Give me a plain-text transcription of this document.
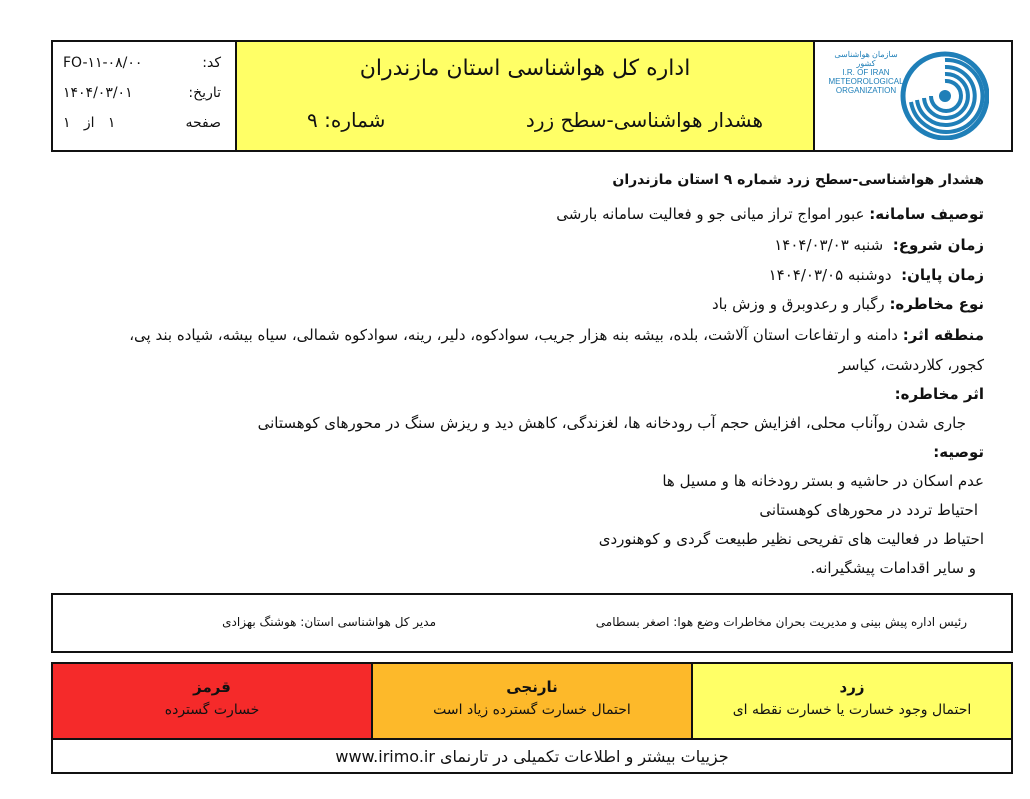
کد:
FO-۱۱-۰۸/۰۰
تاریخ:
۱۴۰۴/۰۳/۰۱
صفحه
۱   از   ۱
اداره کل هواشناسی استان مازندران
هشدار هواشناسی-سطح زرد
شماره: ۹
سازمان هواشناسی کشور
I.R. OF IRAN
METEOROLOGICAL
ORGANIZATION
هشدار هواشناسی-سطح زرد شماره ۹ استان مازندران
توصیف سامانه: عبور امواج تراز میانی جو و فعالیت سامانه بارشی
زمان شروع:  شنبه ۱۴۰۴/۰۳/۰۳
زمان پایان:  دوشنبه ۱۴۰۴/۰۳/۰۵
نوع مخاطره: رگبار و رعدوبرق و وزش باد
منطقه اثر: دامنه و ارتفاعات استان آلاشت، بلده، بیشه بنه هزار جریب، سوادکوه، دلیر، رینه، سوادکوه شمالی، سیاه بیشه، شیاده بند پی،
کجور، کلاردشت، کیاسر
اثر مخاطره:
جاری شدن روآناب محلی، افزایش حجم آب رودخانه ها، لغزندگی، کاهش دید و ریزش سنگ در محورهای کوهستانی
توصیه:
عدم اسکان در حاشیه و بستر رودخانه ها و مسیل ها
احتیاط تردد در محورهای کوهستانی
احتیاط در فعالیت های تفریحی نظیر طبیعت گردی و کوهنوردی
و سایر اقدامات پیشگیرانه.
رئیس اداره پیش بینی و مدیریت بحران مخاطرات وضع هوا: اصغر بسطامی
مدیر کل هواشناسی استان: هوشنگ بهزادی
قرمز
خسارت گسترده
نارنجی
احتمال خسارت گسترده زیاد است
زرد
احتمال وجود خسارت یا خسارت نقطه ای
جزییات بیشتر و اطلاعات تکمیلی در تارنمای www.irimo.ir
